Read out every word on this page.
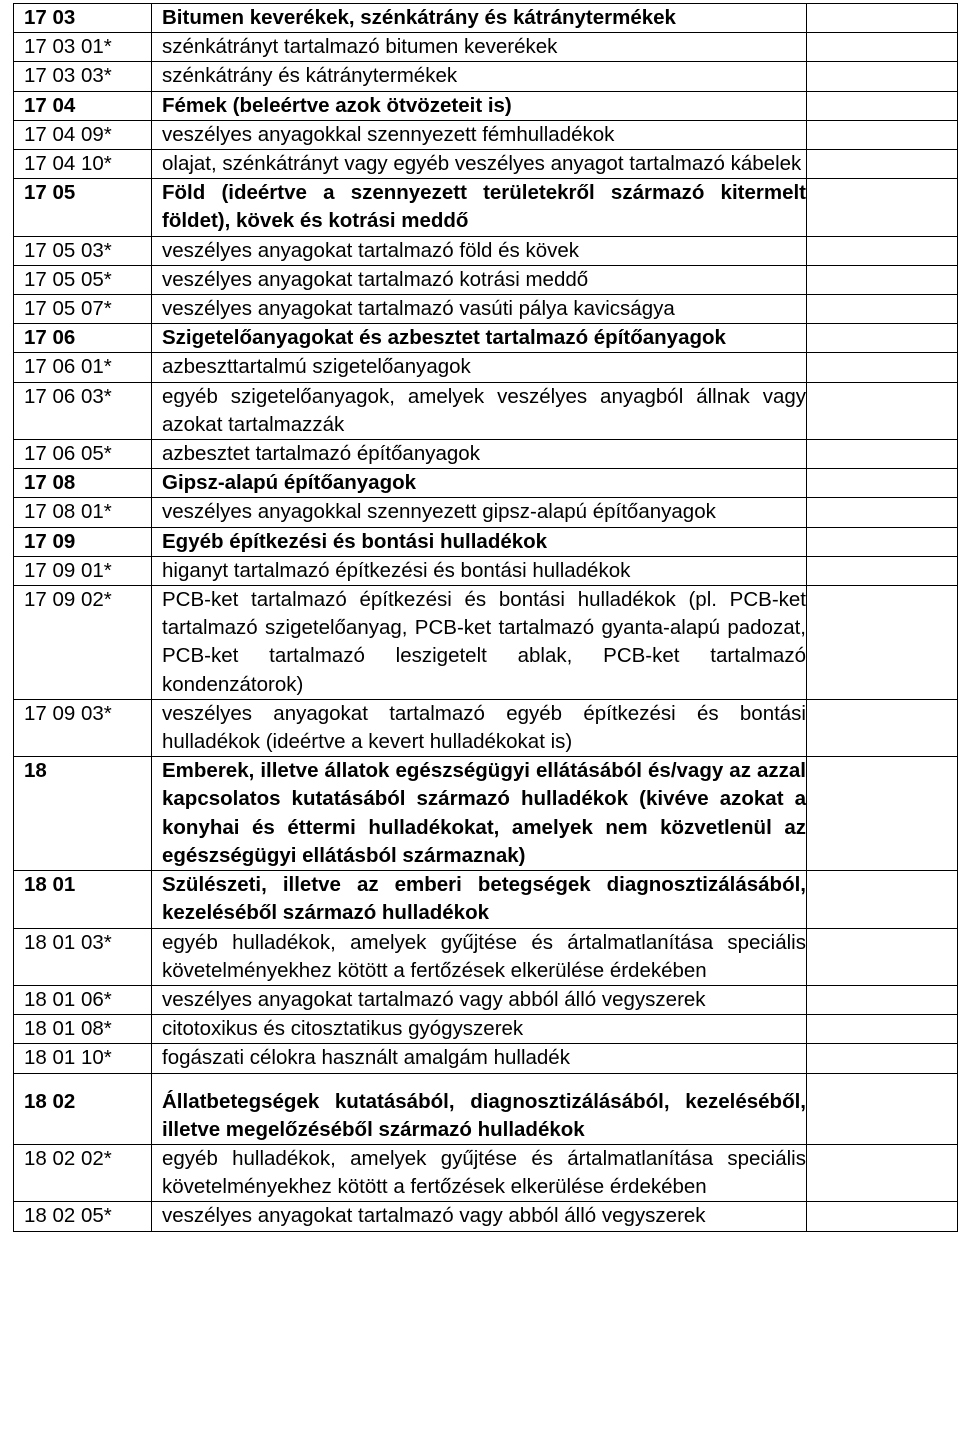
17 03	Bitumen keverékek, szénkátrány és kátránytermékek	
17 03 01*	szénkátrányt tartalmazó bitumen keverékek	
17 03 03*	szénkátrány és kátránytermékek	
17 04	Fémek (beleértve azok ötvözeteit is)	
17 04 09*	veszélyes anyagokkal szennyezett fémhulladékok	
17 04 10*	olajat, szénkátrányt vagy egyéb veszélyes anyagot tartalmazó kábelek	
17 05	Föld (ideértve a szennyezett területekről származó kitermelt földet), kövek és kotrási meddő	
17 05 03*	veszélyes anyagokat tartalmazó föld és kövek	
17 05 05*	veszélyes anyagokat tartalmazó kotrási meddő	
17 05 07*	veszélyes anyagokat tartalmazó vasúti pálya kavicságya	
17 06	Szigetelőanyagokat és azbesztet tartalmazó építőanyagok	
17 06 01*	azbeszttartalmú szigetelőanyagok	
17 06 03*	egyéb szigetelőanyagok, amelyek veszélyes anyagból állnak vagy azokat tartalmazzák	
17 06 05*	azbesztet tartalmazó építőanyagok	
17 08	Gipsz-alapú építőanyagok	
17 08 01*	veszélyes anyagokkal szennyezett gipsz-alapú építőanyagok	
17 09	Egyéb építkezési és bontási hulladékok	
17 09 01*	higanyt tartalmazó építkezési és bontási hulladékok	
17 09 02*	PCB-ket tartalmazó építkezési és bontási hulladékok (pl. PCB-ket tartalmazó szigetelőanyag, PCB-ket tartalmazó gyanta-alapú padozat, PCB-ket tartalmazó leszigetelt ablak, PCB-ket tartalmazó kondenzátorok)	
17 09 03*	veszélyes anyagokat tartalmazó egyéb építkezési és bontási hulladékok (ideértve a kevert hulladékokat is)	
18	Emberek, illetve állatok egészségügyi ellátásából és/vagy az azzal kapcsolatos kutatásából származó hulladékok (kivéve azokat a konyhai és éttermi hulladékokat, amelyek nem közvetlenül az egészségügyi ellátásból származnak)	
18 01	Szülészeti, illetve az emberi betegségek diagnosztizálásából, kezeléséből származó hulladékok	
18 01 03*	egyéb hulladékok, amelyek gyűjtése és ártalmatlanítása speciális követelményekhez kötött a fertőzések elkerülése érdekében	
18 01 06*	veszélyes anyagokat tartalmazó vagy abból álló vegyszerek	
18 01 08*	citotoxikus és citosztatikus gyógyszerek	
18 01 10*	fogászati célokra használt amalgám hulladék	
18 02	Állatbetegségek kutatásából, diagnosztizálásából, kezeléséből, illetve megelőzéséből származó hulladékok	
18 02 02*	egyéb hulladékok, amelyek gyűjtése és ártalmatlanítása speciális követelményekhez kötött a fertőzések elkerülése érdekében	
18 02 05*	veszélyes anyagokat tartalmazó vagy abból álló vegyszerek	
